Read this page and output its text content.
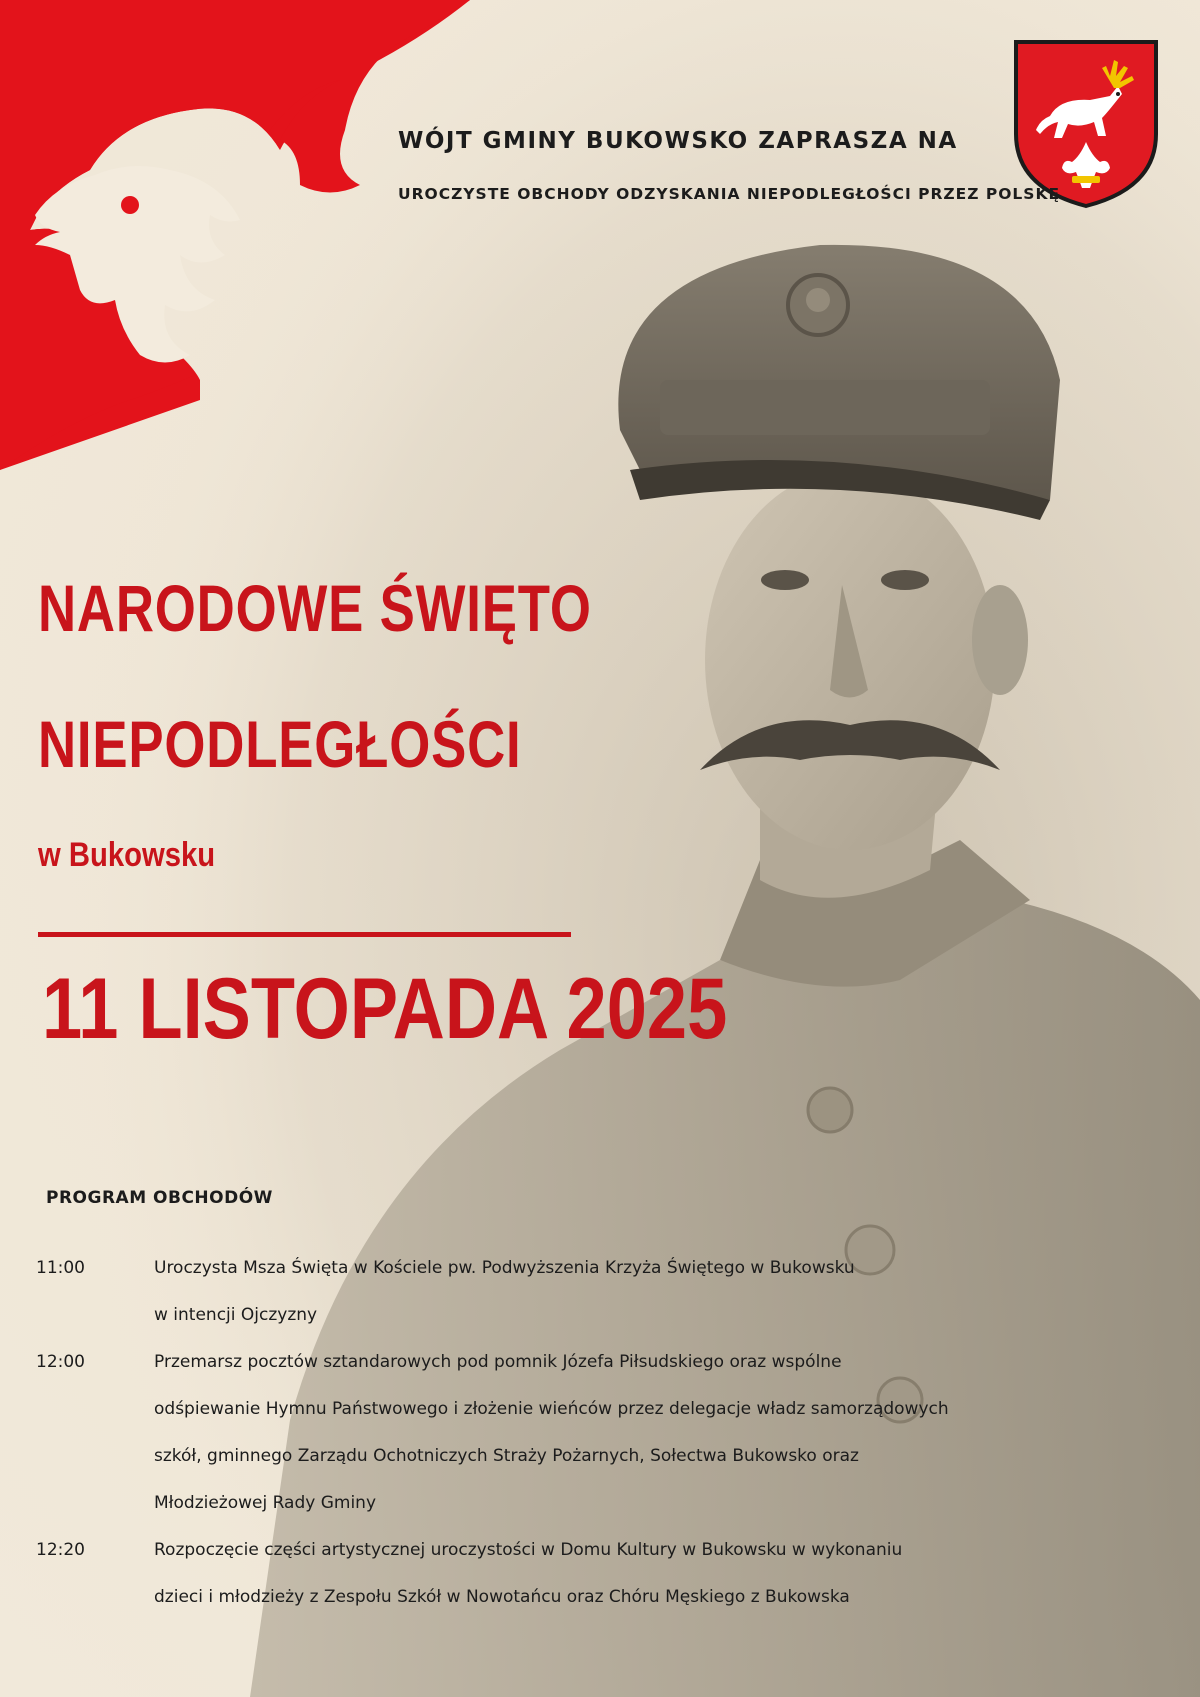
WÓJT GMINY BUKOWSKO ZAPRASZA NA

UROCZYSTE OBCHODY ODZYSKANIA NIEPODLEGŁOŚCI PRZEZ POLSKĘ

NARODOWE ŚWIĘTO

NIEPODLEGŁOŚCI

w Bukowsku

11 LISTOPADA 2025

PROGRAM OBCHODÓW

11:00	Uroczysta Msza Święta w Kościele pw. Podwyższenia Krzyża Świętego w Bukowsku
w intencji Ojczyzny
12:00	Przemarsz pocztów sztandarowych pod pomnik Józefa Piłsudskiego oraz wspólne
odśpiewanie Hymnu Państwowego i złożenie wieńców przez delegacje władz samorządowych
szkół, gminnego Zarządu Ochotniczych Straży Pożarnych, Sołectwa Bukowsko oraz
Młodzieżowej Rady Gminy
12:20	Rozpoczęcie części artystycznej uroczystości w Domu Kultury w Bukowsku w wykonaniu
dzieci i młodzieży z Zespołu Szkół w Nowotańcu oraz Chóru Męskiego z Bukowska
